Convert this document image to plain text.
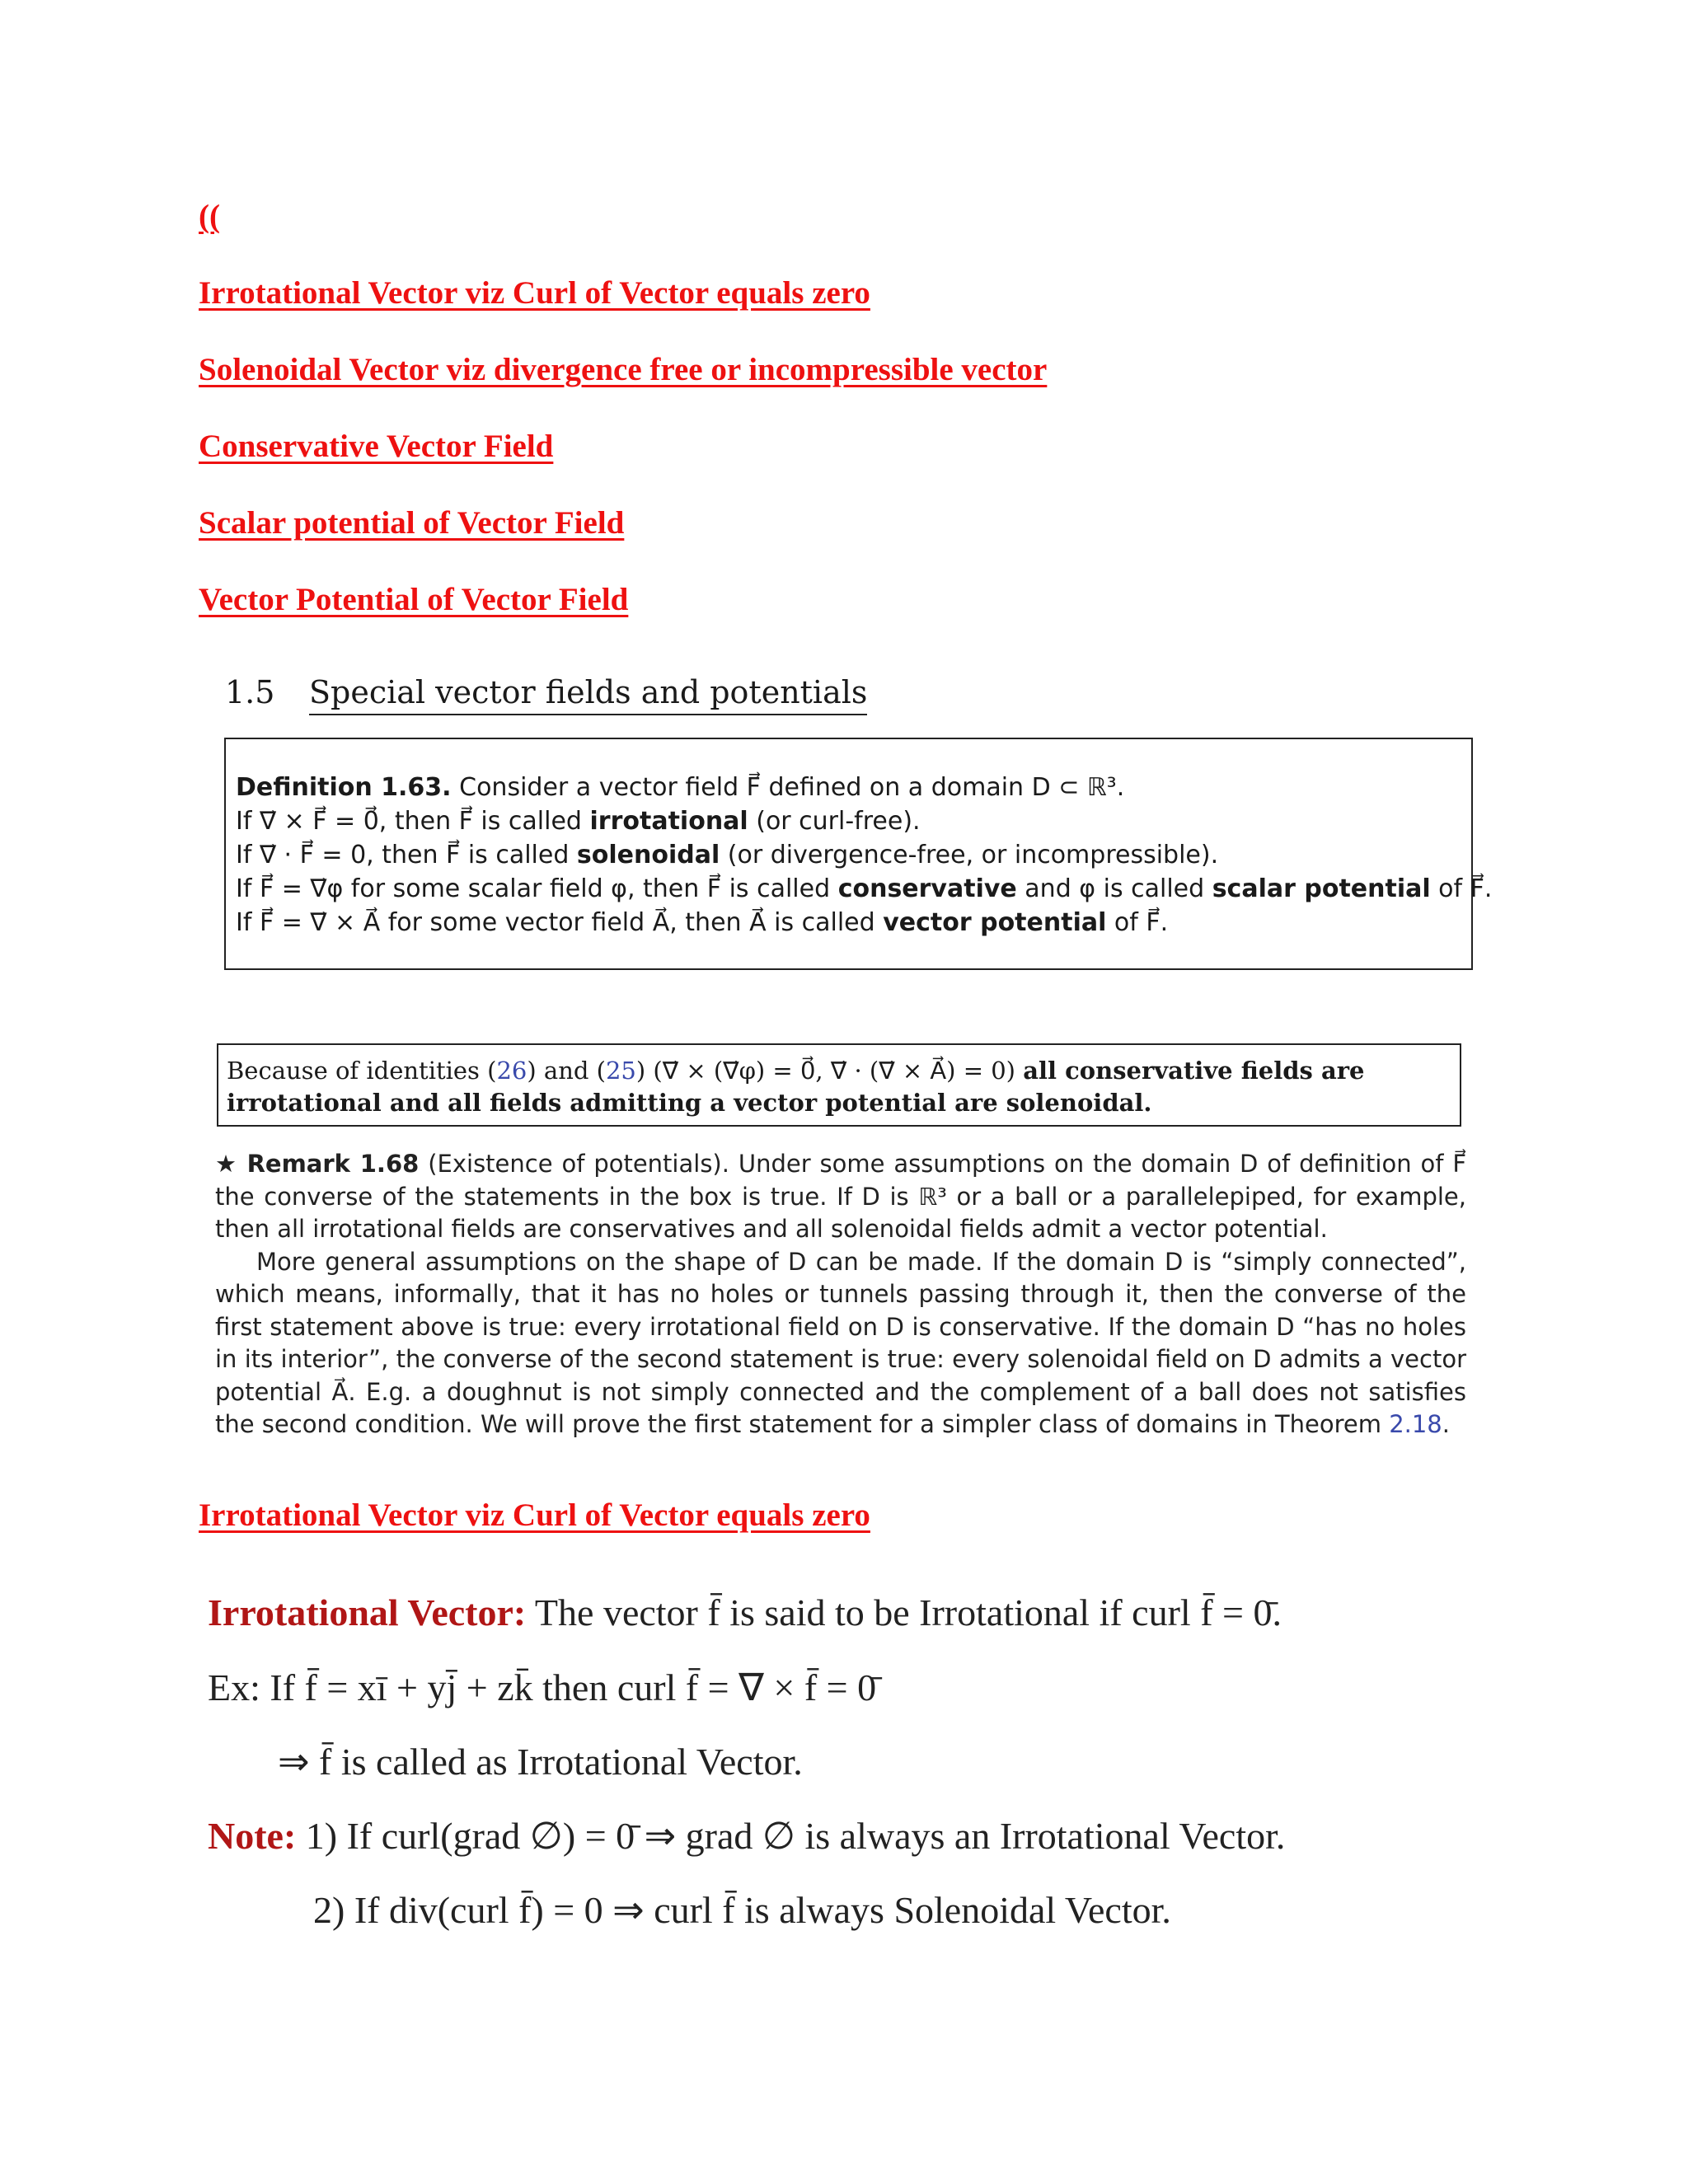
((
Irrotational Vector viz Curl of Vector equals zero
Solenoidal Vector viz divergence free or incompressible vector
Conservative Vector Field
Scalar potential of Vector Field
Vector Potential of Vector Field
1.5 Special vector fields and potentials
Definition 1.63. Consider a vector field F⃗ defined on a domain D ⊂ ℝ³.
If ∇⃗ × F⃗ = 0⃗, then F⃗ is called irrotational (or curl-free).
If ∇⃗ · F⃗ = 0, then F⃗ is called solenoidal (or divergence-free, or incompressible).
If F⃗ = ∇⃗φ for some scalar field φ, then F⃗ is called conservative and φ is called scalar potential of F⃗.
If F⃗ = ∇⃗ × A⃗ for some vector field A⃗, then A⃗ is called vector potential of F⃗.
Because of identities (26) and (25) (∇⃗ × (∇⃗φ) = 0⃗, ∇⃗ · (∇⃗ × A⃗) = 0) all conservative fields are
irrotational and all fields admitting a vector potential are solenoidal.

★ Remark 1.68 (Existence of potentials). Under some assumptions on the domain D of definition of F⃗ the converse of the statements in the box is true. If D is ℝ³ or a ball or a parallelepiped, for example, then all irrotational fields are conservatives and all solenoidal fields admit a vector potential.

More general assumptions on the shape of D can be made. If the domain D is “simply connected”, which means, informally, that it has no holes or tunnels passing through it, then the converse of the first statement above is true: every irrotational field on D is conservative. If the domain D “has no holes in its interior”, the converse of the second statement is true: every solenoidal field on D admits a vector potential A⃗. E.g. a doughnut is not simply connected and the complement of a ball does not satisfies the second condition. We will prove the first statement for a simpler class of domains in Theorem 2.18.

Irrotational Vector viz Curl of Vector equals zero
Irrotational Vector: The vector f̄ is said to be Irrotational if curl f̄ = 0̄.
Ex: If f̄ = xī + yj̄ + zk̄ then curl f̄ = ∇ × f̄ = 0̄
⇒ f̄ is called as Irrotational Vector.
Note: 1) If curl(grad ∅) = 0̄ ⇒ grad ∅ is always an Irrotational Vector.
2) If div(curl f̄) = 0 ⇒ curl f̄ is always Solenoidal Vector.
